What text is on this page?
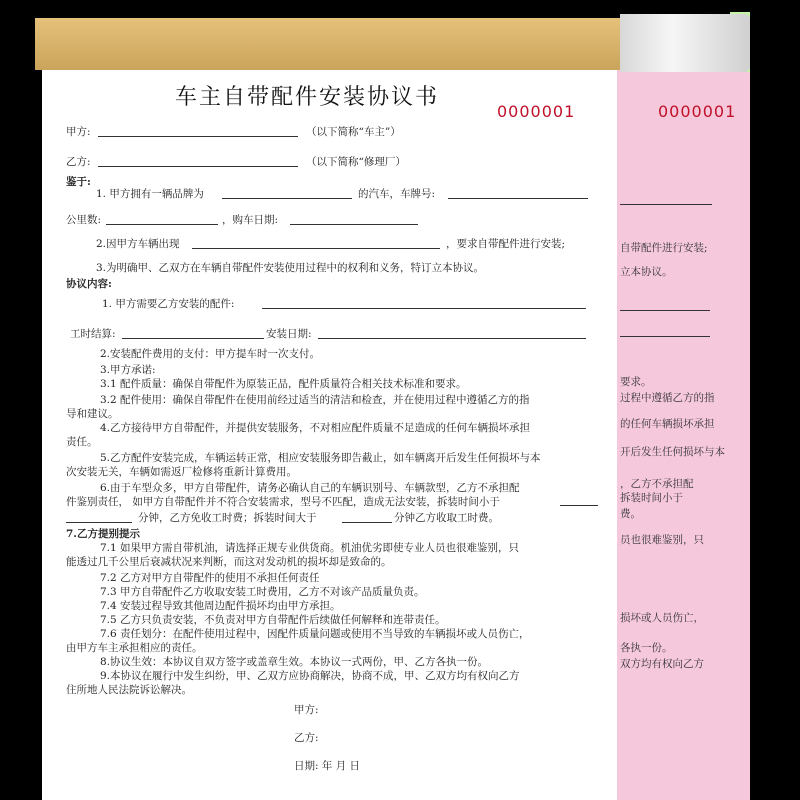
0000001
自带配件进行安装;
立本协议。
要求。
过程中遵循乙方的指
的任何车辆损坏承担
开后发生任何损坏与本
，乙方不承担配
拆装时间小于
费。
员也很难鉴别，只
损坏或人员伤亡，
各执一份。
双方均有权向乙方
车主自带配件安装协议书
0000001
甲方:	（以下简称“车主”）
乙方:	（以下简称“修理厂）
鉴于:
1. 甲方拥有一辆品牌为	的汽车，车牌号:
公里数:	，购车日期:
2.因甲方车辆出现	，要求自带配件进行安装;
3.为明确甲、乙双方在车辆自带配件安装使用过程中的权利和义务，特订立本协议。
协议内容:
1. 甲方需要乙方安装的配件:
工时结算:	安装日期:
2.安装配件费用的支付：甲方提车时一次支付。
3.甲方承诺:
3.1 配件质量：确保自带配件为原装正品，配件质量符合相关技术标准和要求。
3.2 配件使用：确保自带配件在使用前经过适当的清洁和检查，并在使用过程中遵循乙方的指
导和建议。
4.乙方接待甲方自带配件，并提供安装服务，不对相应配件质量不足造成的任何车辆损坏承担
责任。
5.乙方配件安装完成，车辆运转正常，相应安装服务即告截止，如车辆离开后发生任何损坏与本
次安装无关，车辆如需返厂检修将重新计算费用。
6.由于车型众多，甲方自带配件，请务必确认自己的车辆识别号、车辆款型，乙方不承担配
件鉴别责任， 如甲方自带配件并不符合安装需求，型号不匹配，造成无法安装，拆装时间小于
分钟，乙方免收工时费；拆装时间大于	分钟乙方收取工时费。
7.乙方提别提示
7.1 如果甲方需自带机油，请选择正规专业供货商。机油优劣即使专业人员也很难鉴别，只
能透过几千公里后衰减状况来判断，而这对发动机的损坏却是致命的。
7.2 乙方对甲方自带配件的使用不承担任何责任
7.3 甲方自带配件乙方收取安装工时费用，乙方不对该产品质量负责。
7.4 安装过程导致其他周边配件损坏均由甲方承担。
7.5 乙方只负责安装，不负责对甲方自带配件后续做任何解释和连带责任。
7.6 责任划分：在配件使用过程中，因配件质量问题或使用不当导致的车辆损坏或人员伤亡，
由甲方车主承担相应的责任。
8.协议生效：本协议自双方签字或盖章生效。本协议一式两份，甲、乙方各执一份。
9.本协议在履行中发生纠纷，甲、乙双方应协商解决，协商不成，甲、乙双方均有权向乙方
住所地人民法院诉讼解决。
甲方:
乙方:
日期: 年 月 日
